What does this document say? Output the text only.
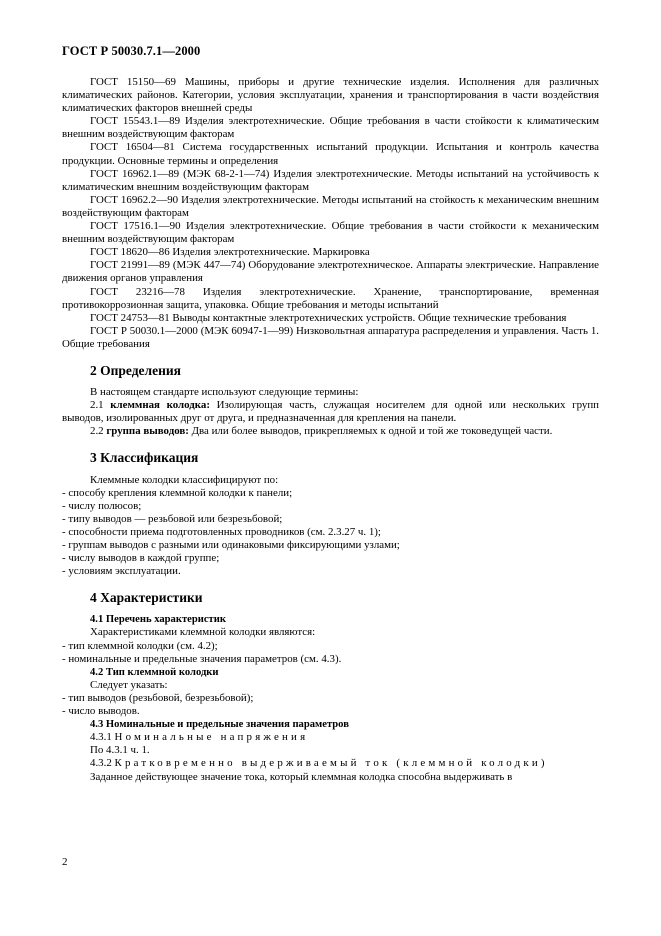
ГОСТ Р 50030.7.1—2000

ГОСТ 15150—69 Машины, приборы и другие технические изделия. Исполнения для различных климатических районов. Категории, условия эксплуатации, хранения и транспортирования в части воздействия климатических факторов внешней среды

ГОСТ 15543.1—89 Изделия электротехнические. Общие требования в части стойкости к климатическим внешним воздействующим факторам

ГОСТ 16504—81 Система государственных испытаний продукции. Испытания и контроль качества продукции. Основные термины и определения

ГОСТ 16962.1—89 (МЭК 68-2-1—74) Изделия электротехнические. Методы испытаний на устойчивость к климатическим внешним воздействующим факторам

ГОСТ 16962.2—90 Изделия электротехнические. Методы испытаний на стойкость к механическим внешним воздействующим факторам

ГОСТ 17516.1—90 Изделия электротехнические. Общие требования в части стойкости к механическим внешним воздействующим факторам

ГОСТ 18620—86 Изделия электротехнические. Маркировка

ГОСТ 21991—89 (МЭК 447—74) Оборудование электротехническое. Аппараты электрические. Направление движения органов управления

ГОСТ 23216—78 Изделия электротехнические. Хранение, транспортирование, временная противокоррозионная защита, упаковка. Общие требования и методы испытаний

ГОСТ 24753—81 Выводы контактные электротехнических устройств. Общие технические требования

ГОСТ Р 50030.1—2000 (МЭК 60947-1—99) Низковольтная аппаратура распределения и управления. Часть 1. Общие требования

2 Определения

В настоящем стандарте используют следующие термины:

2.1 клеммная колодка: Изолирующая часть, служащая носителем для одной или нескольких групп выводов, изолированных друг от друга, и предназначенная для крепления на панели.

2.2 группа выводов: Два или более выводов, прикрепляемых к одной и той же токоведущей части.

3 Классификация

Клеммные колодки классифицируют по:

- способу крепления клеммной колодки к панели;

- числу полюсов;

- типу выводов — резьбовой или безрезьбовой;

- способности приема подготовленных проводников (см. 2.3.27 ч. 1);

- группам выводов с разными или одинаковыми фиксирующими узлами;

- числу выводов в каждой группе;

- условиям эксплуатации.

4 Характеристики
4.1 Перечень характеристик

Характеристиками клеммной колодки являются:

- тип клеммной колодки (см. 4.2);

- номинальные и предельные значения параметров (см. 4.3).

4.2 Тип клеммной колодки

Следует указать:

- тип выводов (резьбовой, безрезьбовой);

- число выводов.

4.3 Номинальные и предельные значения параметров

4.3.1 Номинальные напряжения

По 4.3.1 ч. 1.

4.3.2 Кратковременно выдерживаемый ток (клеммной колодки)

Заданное действующее значение тока, который клеммная колодка способна выдерживать в

2
